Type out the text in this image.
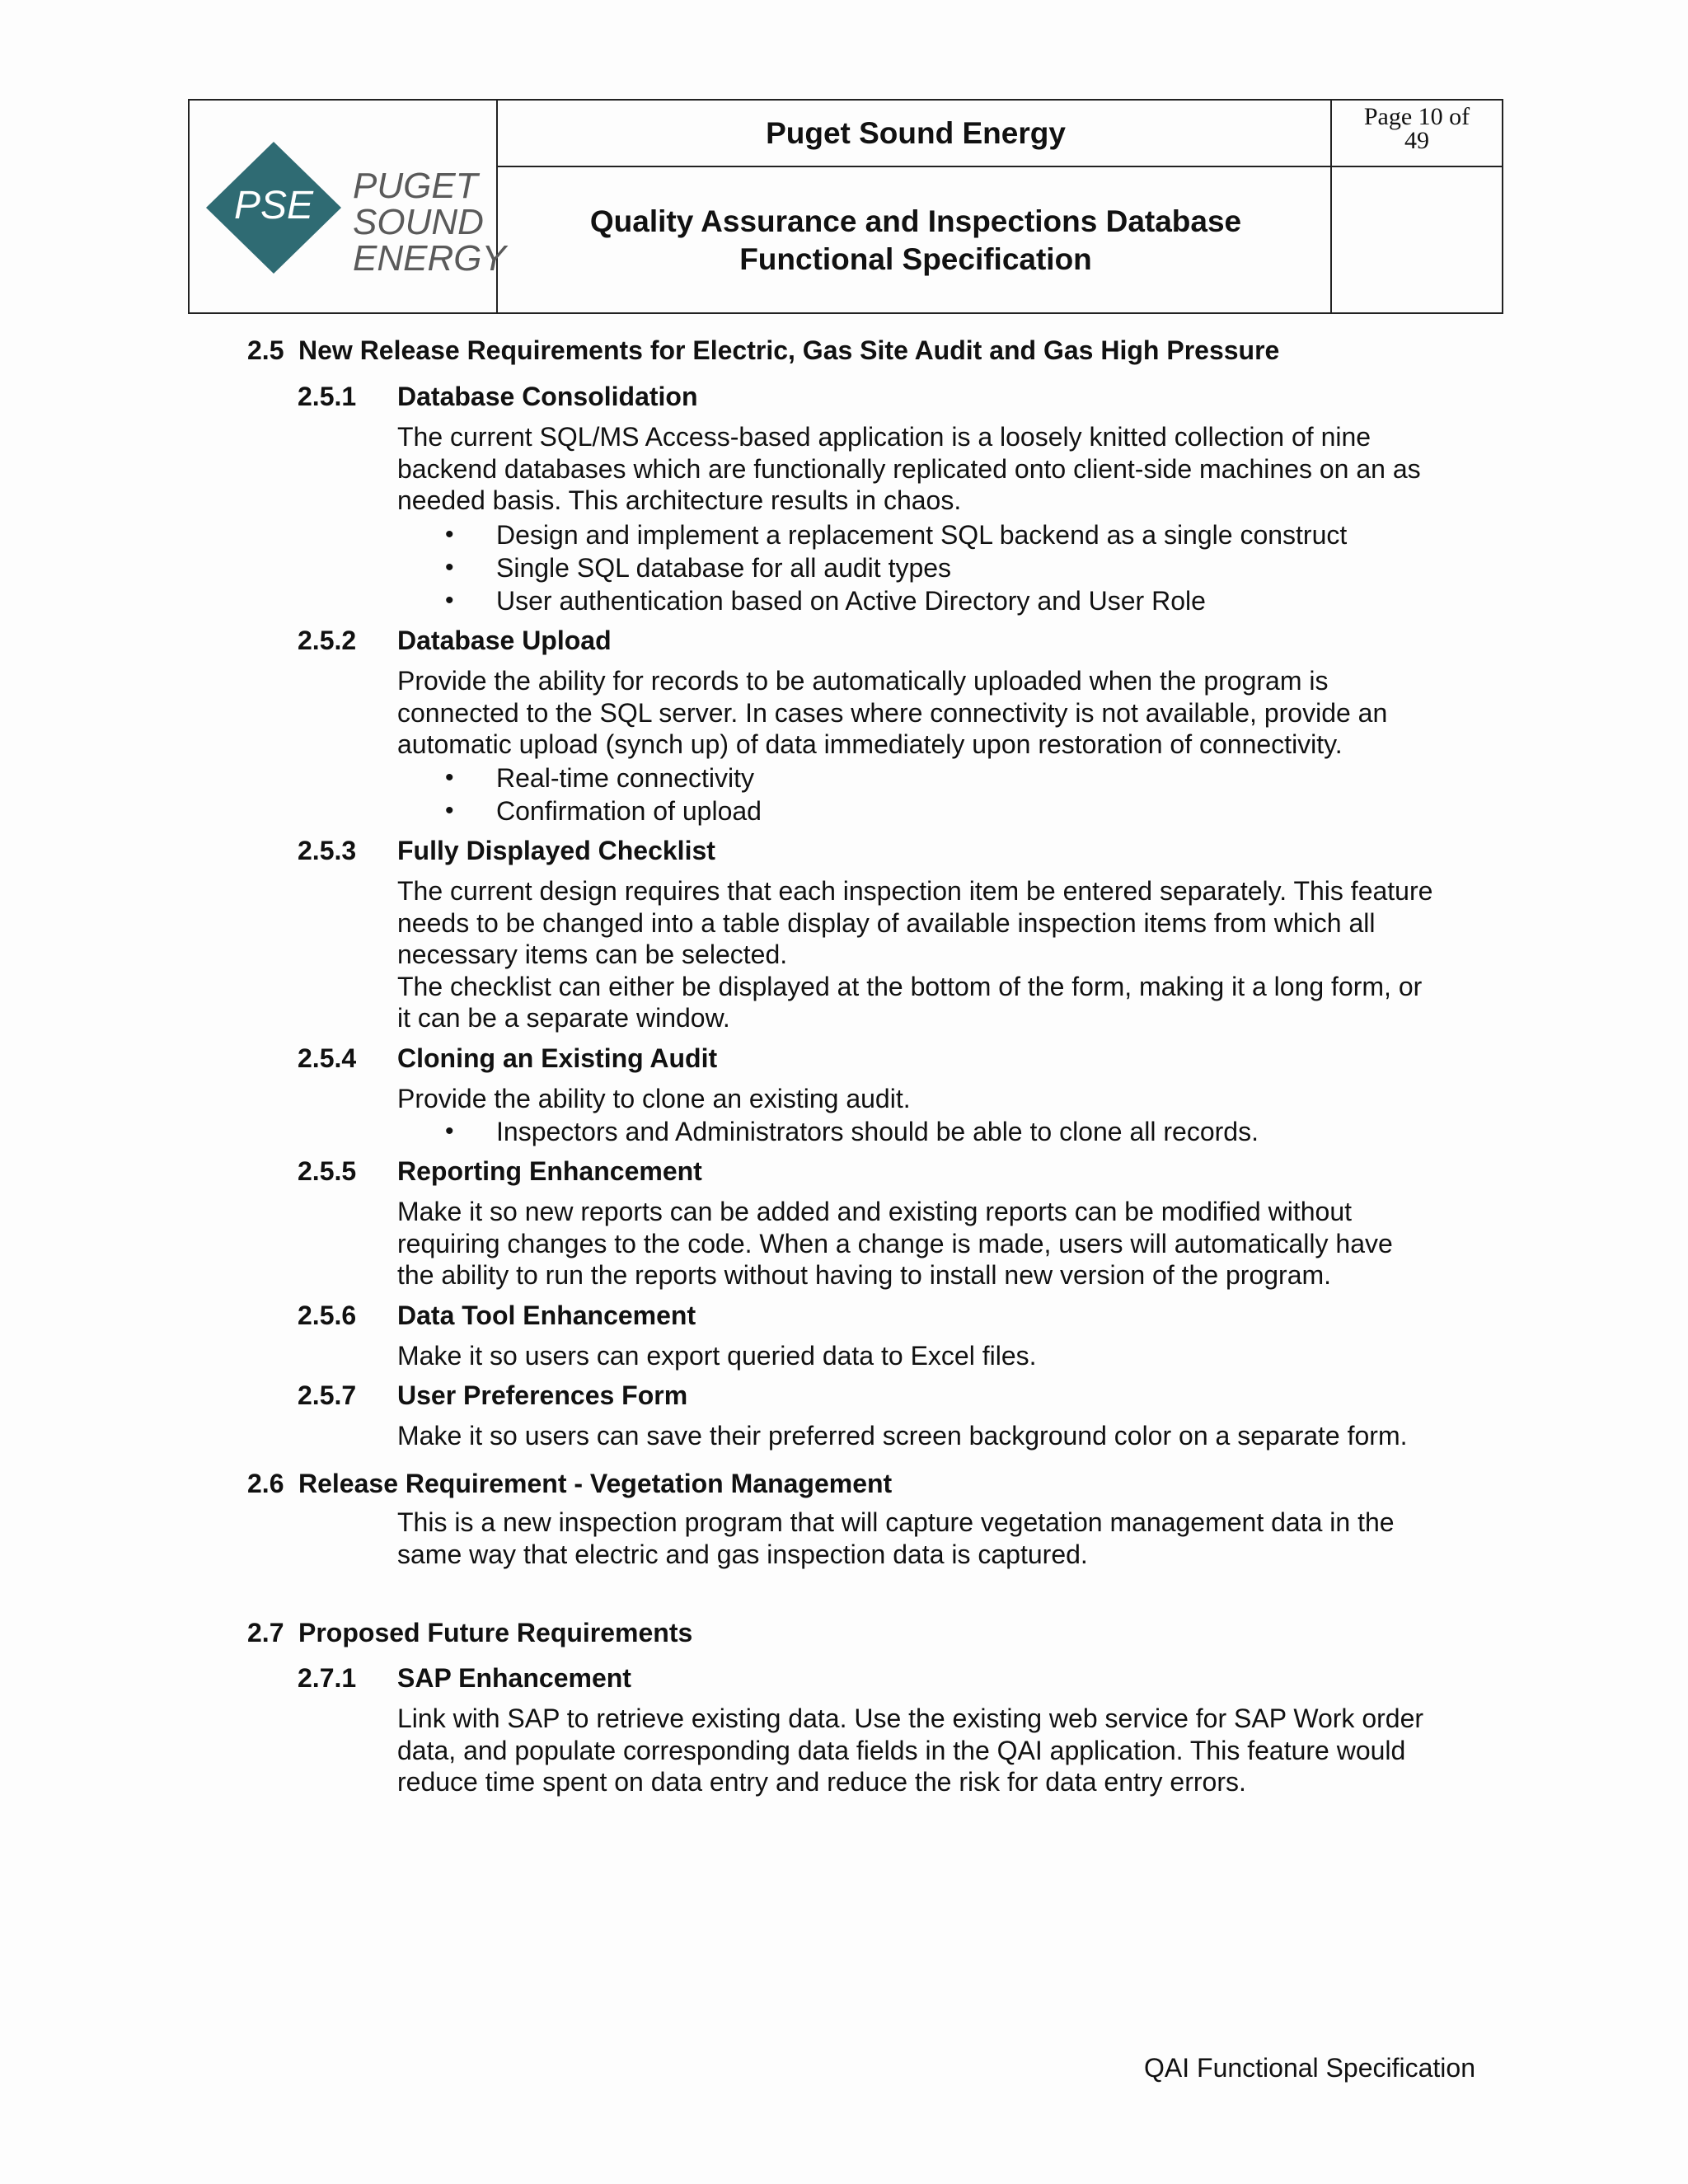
PSE PUGET
SOUND
ENERGY
Puget Sound Energy
Quality Assurance and Inspections Database
Functional Specification
Page 10 of
49
2.5 New Release Requirements for Electric, Gas Site Audit and Gas High Pressure
2.5.1 Database Consolidation
The current SQL/MS Access-based application is a loosely knitted collection of nine
backend databases which are functionally replicated onto client-side machines on an as
needed basis. This architecture results in chaos.
• Design and implement a replacement SQL backend as a single construct
• Single SQL database for all audit types
• User authentication based on Active Directory and User Role
2.5.2 Database Upload
Provide the ability for records to be automatically uploaded when the program is
connected to the SQL server. In cases where connectivity is not available, provide an
automatic upload (synch up) of data immediately upon restoration of connectivity.
• Real-time connectivity
• Confirmation of upload
2.5.3 Fully Displayed Checklist
The current design requires that each inspection item be entered separately. This feature
needs to be changed into a table display of available inspection items from which all
necessary items can be selected.
The checklist can either be displayed at the bottom of the form, making it a long form, or
it can be a separate window.
2.5.4 Cloning an Existing Audit
Provide the ability to clone an existing audit.
• Inspectors and Administrators should be able to clone all records.
2.5.5 Reporting Enhancement
Make it so new reports can be added and existing reports can be modified without
requiring changes to the code. When a change is made, users will automatically have
the ability to run the reports without having to install new version of the program.
2.5.6 Data Tool Enhancement
Make it so users can export queried data to Excel files.
2.5.7 User Preferences Form
Make it so users can save their preferred screen background color on a separate form.
2.6 Release Requirement - Vegetation Management
This is a new inspection program that will capture vegetation management data in the
same way that electric and gas inspection data is captured.
2.7 Proposed Future Requirements
2.7.1 SAP Enhancement
Link with SAP to retrieve existing data. Use the existing web service for SAP Work order
data, and populate corresponding data fields in the QAI application. This feature would
reduce time spent on data entry and reduce the risk for data entry errors.
QAI Functional Specification
